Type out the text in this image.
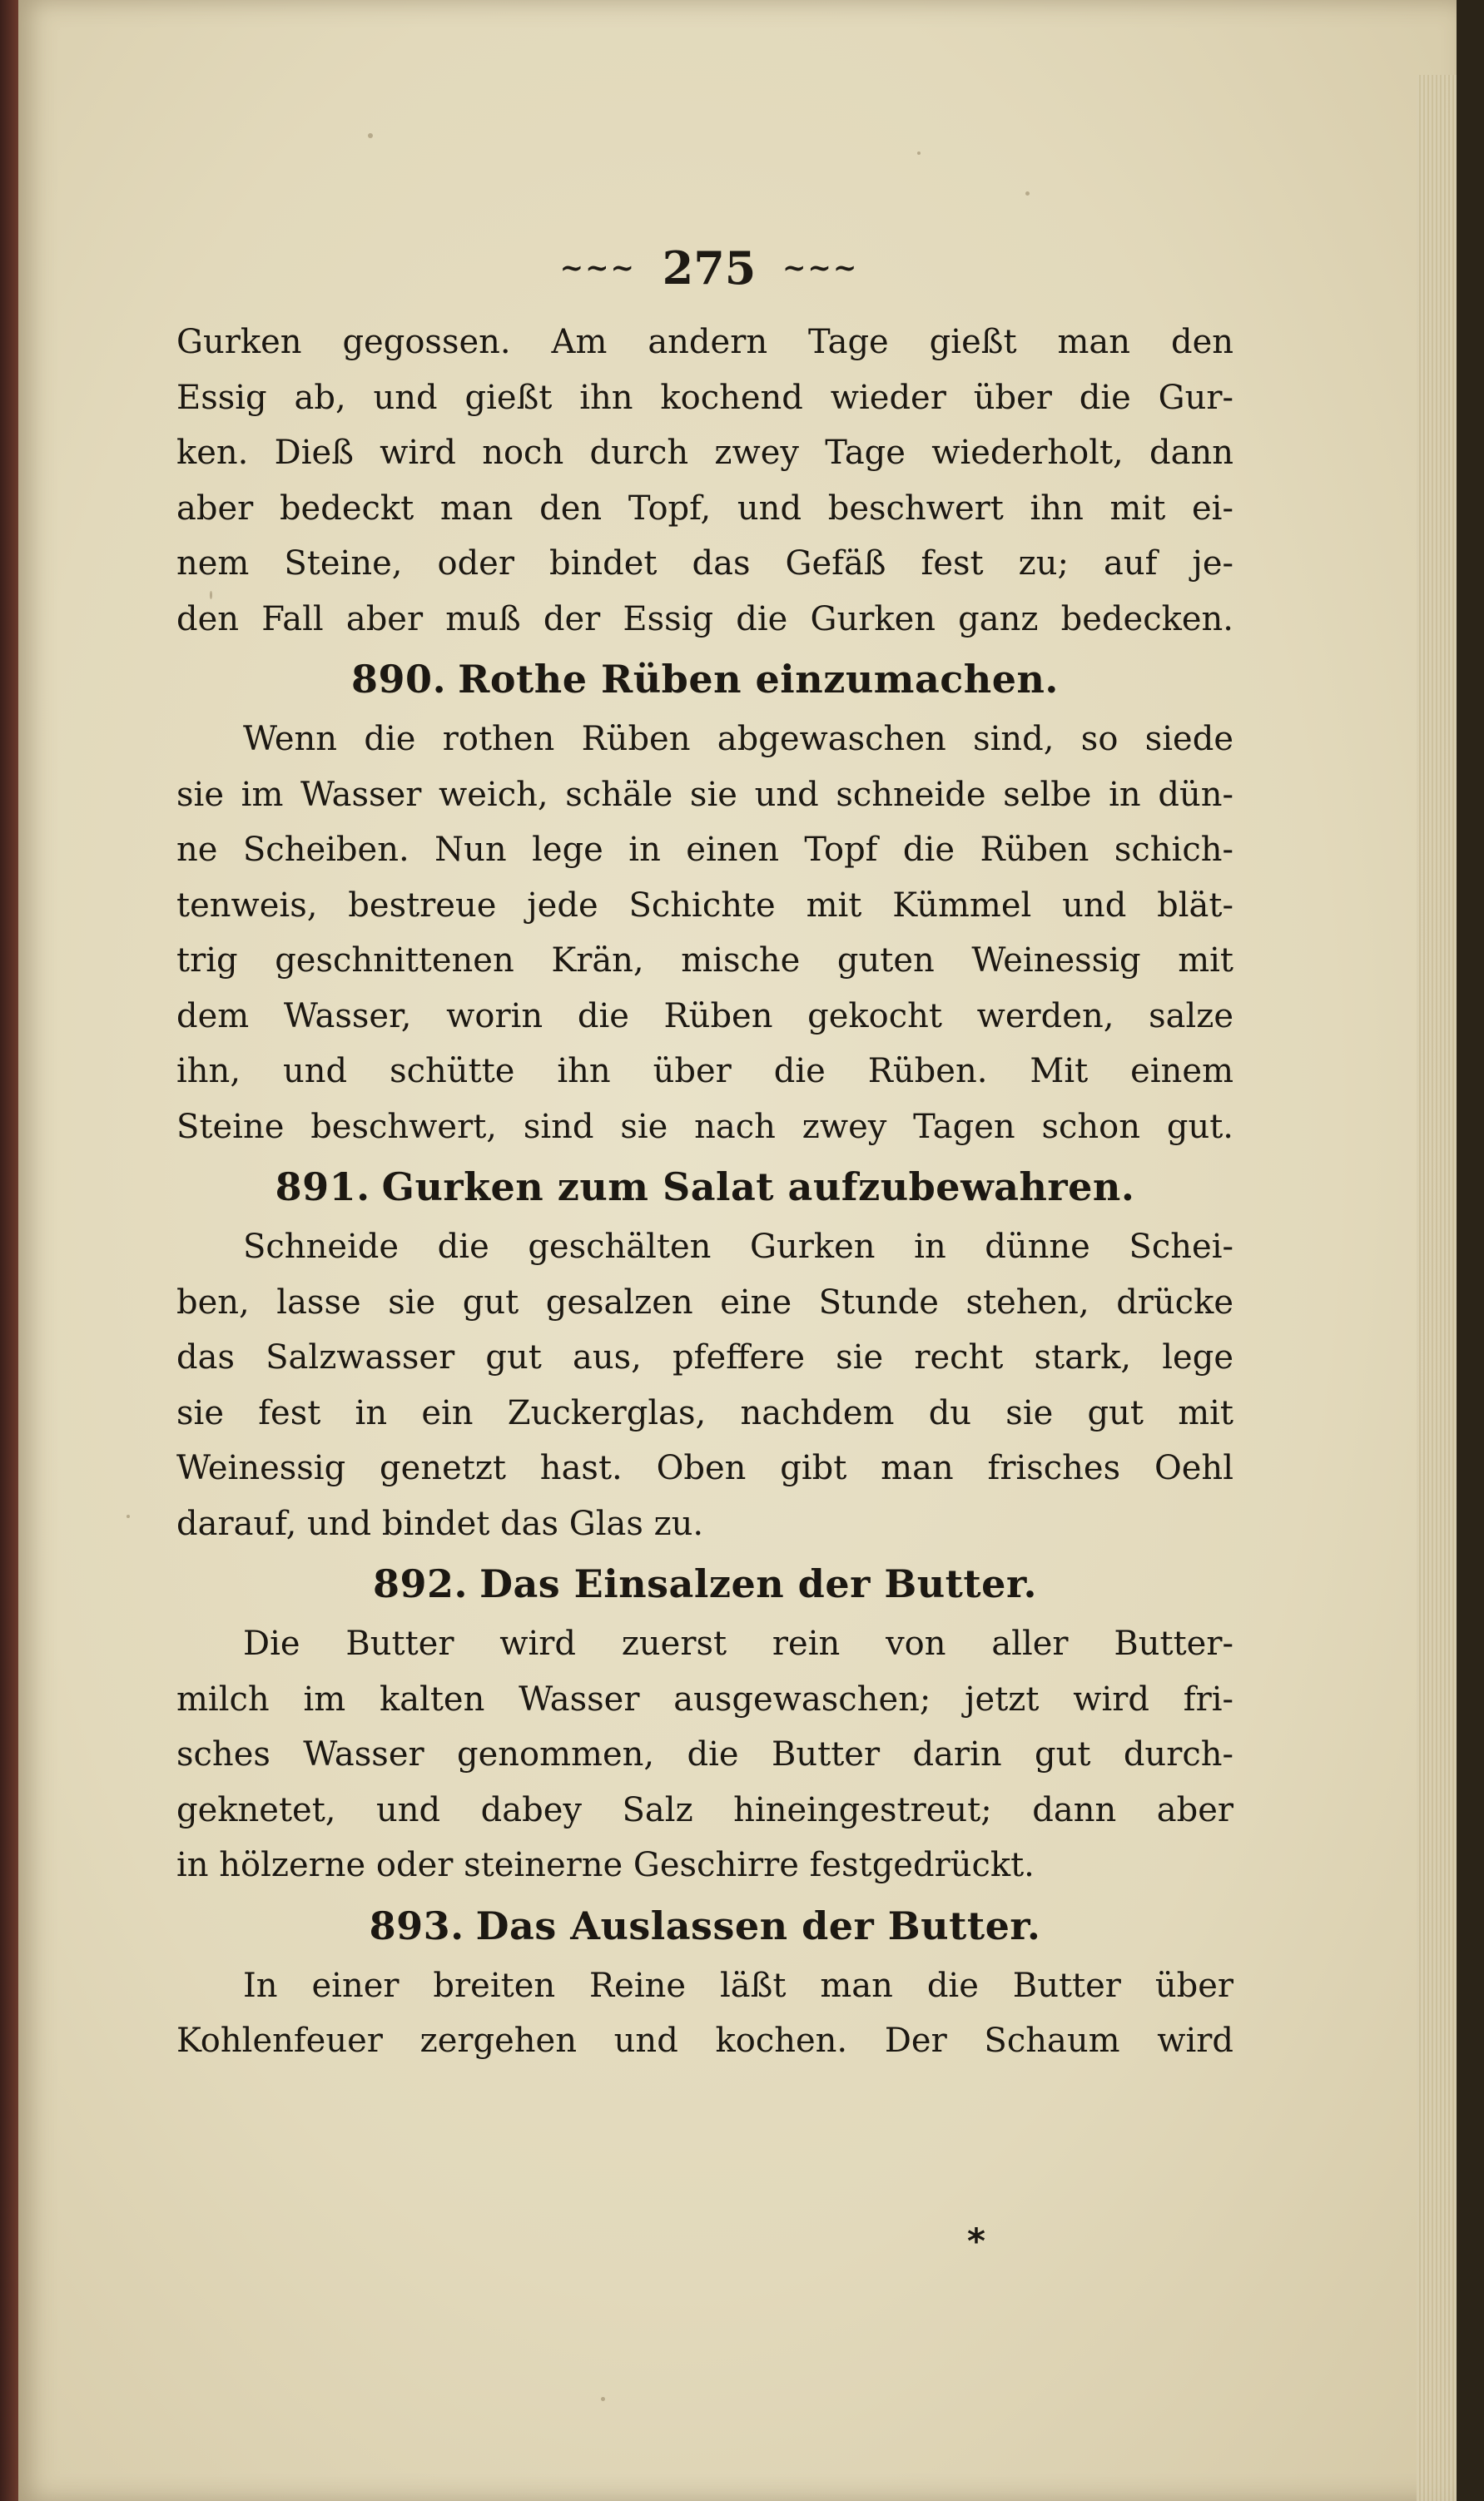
~~~ 275 ~~~
Gurken gegossen. Am andern Tage gießt man den
Essig ab, und gießt ihn kochend wieder über die Gur-
ken. Dieß wird noch durch zwey Tage wiederholt, dann
aber bedeckt man den Topf, und beschwert ihn mit ei-
nem Steine, oder bindet das Gefäß fest zu; auf je-
den Fall aber muß der Essig die Gurken ganz bedecken.
890. Rothe Rüben einzumachen.
Wenn die rothen Rüben abgewaschen sind, so siede
sie im Wasser weich, schäle sie und schneide selbe in dün-
ne Scheiben. Nun lege in einen Topf die Rüben schich-
tenweis, bestreue jede Schichte mit Kümmel und blät-
trig geschnittenen Krän, mische guten Weinessig mit
dem Wasser, worin die Rüben gekocht werden, salze
ihn, und schütte ihn über die Rüben. Mit einem
Steine beschwert, sind sie nach zwey Tagen schon gut.
891. Gurken zum Salat aufzubewahren.
Schneide die geschälten Gurken in dünne Schei-
ben, lasse sie gut gesalzen eine Stunde stehen, drücke
das Salzwasser gut aus, pfeffere sie recht stark, lege
sie fest in ein Zuckerglas, nachdem du sie gut mit
Weinessig genetzt hast. Oben gibt man frisches Oehl
darauf, und bindet das Glas zu.
892. Das Einsalzen der Butter.
Die Butter wird zuerst rein von aller Butter-
milch im kalten Wasser ausgewaschen; jetzt wird fri-
sches Wasser genommen, die Butter darin gut durch-
geknetet, und dabey Salz hineingestreut; dann aber
in hölzerne oder steinerne Geschirre festgedrückt.
893. Das Auslassen der Butter.
In einer breiten Reine läßt man die Butter über
Kohlenfeuer zergehen und kochen. Der Schaum wird
*
